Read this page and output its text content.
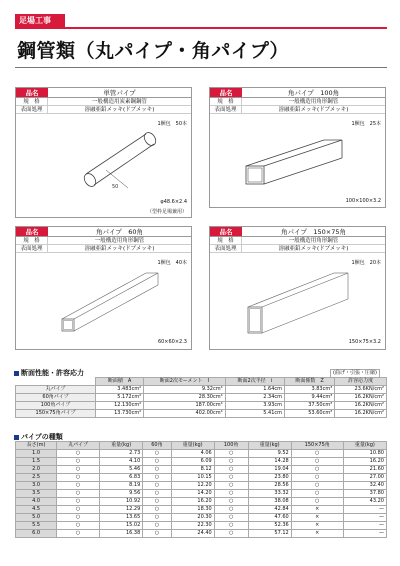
足場工事
鋼管類（丸パイプ・角パイプ）
品名	単管パイプ
規　格	一般構造用炭素鋼鋼管
表面処理	溶融亜鉛メッキ(ドブメッキ)
1梱包　50本
50
φ48.6×2.4
（型枠足場兼用）
品名	角パイプ　100角
規　格	一般構造用角形鋼管
表面処理	溶融亜鉛メッキ(ドブメッキ)
1梱包　25本
100×100×3.2
品名	角パイプ　60角
規　格	一般構造用角形鋼管
表面処理	溶融亜鉛メッキ(ドブメッキ)
1梱包　40本
60×60×2.3
品名	角パイプ　150×75角
規　格	一般構造用角形鋼管
表面処理	溶融亜鉛メッキ(ドブメッキ)
1梱包　20本
150×75×3.2
断面性能・許容応力	(曲げ・引張・圧縮)
	断面積　A	断面2次モーメント　I	断面2次半径　i	断面係数　Z	許容応力度
丸パイプ	3.483cm²	9.32cm⁴	1.64cm	3.83cm³	23.6KN/cm²
60角パイプ	5.172cm²	28.30cm⁴	2.34cm	9.44cm³	16.2KN/cm²
100角パイプ	12.130cm²	187.00cm⁴	3.93cm	37.50cm³	16.2KN/cm²
150×75角パイプ	13.730cm²	402.00cm⁴	5.41cm	53.60cm³	16.2KN/cm²
パイプの種類
長さ(m)	丸パイプ	重量(kg)	60角	重量(kg)	100角	重量(kg)	150×75角	重量(kg)
1.0	○	2.73	○	4.06	○	9.52	○	10.80
1.5	○	4.10	○	6.09	○	14.28	○	16.20
2.0	○	5.46	○	8.12	○	19.04	○	21.60
2.5	○	6.83	○	10.15	○	23.80	○	27.00
3.0	○	8.19	○	12.20	○	28.56	○	32.40
3.5	○	9.56	○	14.20	○	33.32	○	37.80
4.0	○	10.92	○	16.20	○	38.08	○	43.20
4.5	○	12.29	○	18.30	○	42.84	×	—
5.0	○	13.65	○	20.30	○	47.60	×	—
5.5	○	15.02	○	22.30	○	52.36	×	—
6.0	○	16.38	○	24.40	○	57.12	×	—
